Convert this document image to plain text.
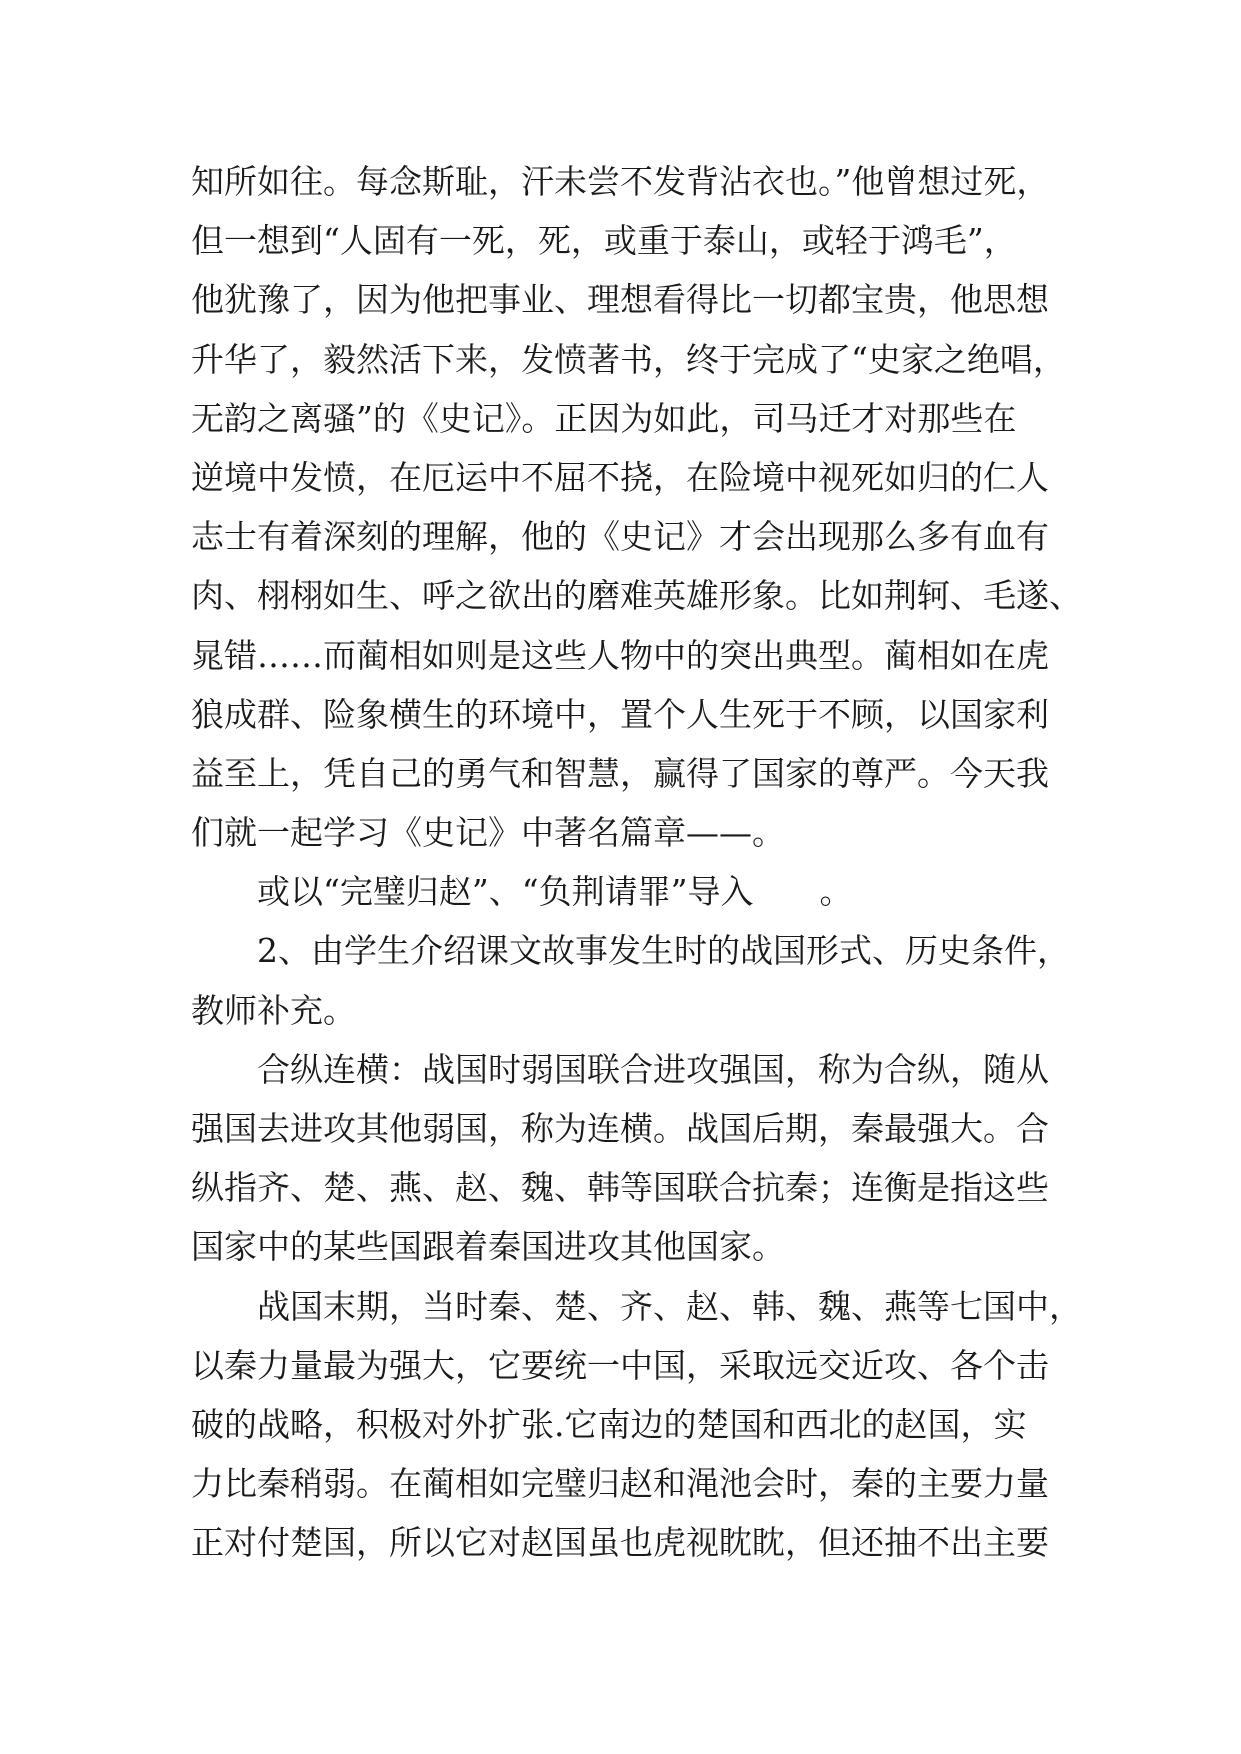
知所如往。每念斯耻，汗未尝不发背沾衣也。”他曾想过死，
但一想到“人固有一死，死，或重于泰山，或轻于鸿毛”，
他犹豫了，因为他把事业、理想看得比一切都宝贵，他思想
升华了，毅然活下来，发愤著书，终于完成了“史家之绝唱，
无韵之离骚”的《史记》。正因为如此，司马迁才对那些在
逆境中发愤，在厄运中不屈不挠，在险境中视死如归的仁人
志士有着深刻的理解，他的《史记》才会出现那么多有血有
肉、栩栩如生、呼之欲出的磨难英雄形象。比如荆轲、毛遂、
晁错……而蔺相如则是这些人物中的突出典型。蔺相如在虎
狼成群、险象横生的环境中，置个人生死于不顾，以国家利
益至上，凭自己的勇气和智慧，赢得了国家的尊严。今天我
们就一起学习《史记》中著名篇章——。
或以“完璧归赵”、“负荆请罪”导入　　。
2、由学生介绍课文故事发生时的战国形式、历史条件，
教师补充。
合纵连横：战国时弱国联合进攻强国，称为合纵，随从
强国去进攻其他弱国，称为连横。战国后期，秦最强大。合
纵指齐、楚、燕、赵、魏、韩等国联合抗秦；连衡是指这些
国家中的某些国跟着秦国进攻其他国家。
战国末期，当时秦、楚、齐、赵、韩、魏、燕等七国中，
以秦力量最为强大，它要统一中国，采取远交近攻、各个击
破的战略，积极对外扩张.它南边的楚国和西北的赵国，实
力比秦稍弱。在蔺相如完璧归赵和渑池会时，秦的主要力量
正对付楚国，所以它对赵国虽也虎视眈眈，但还抽不出主要
